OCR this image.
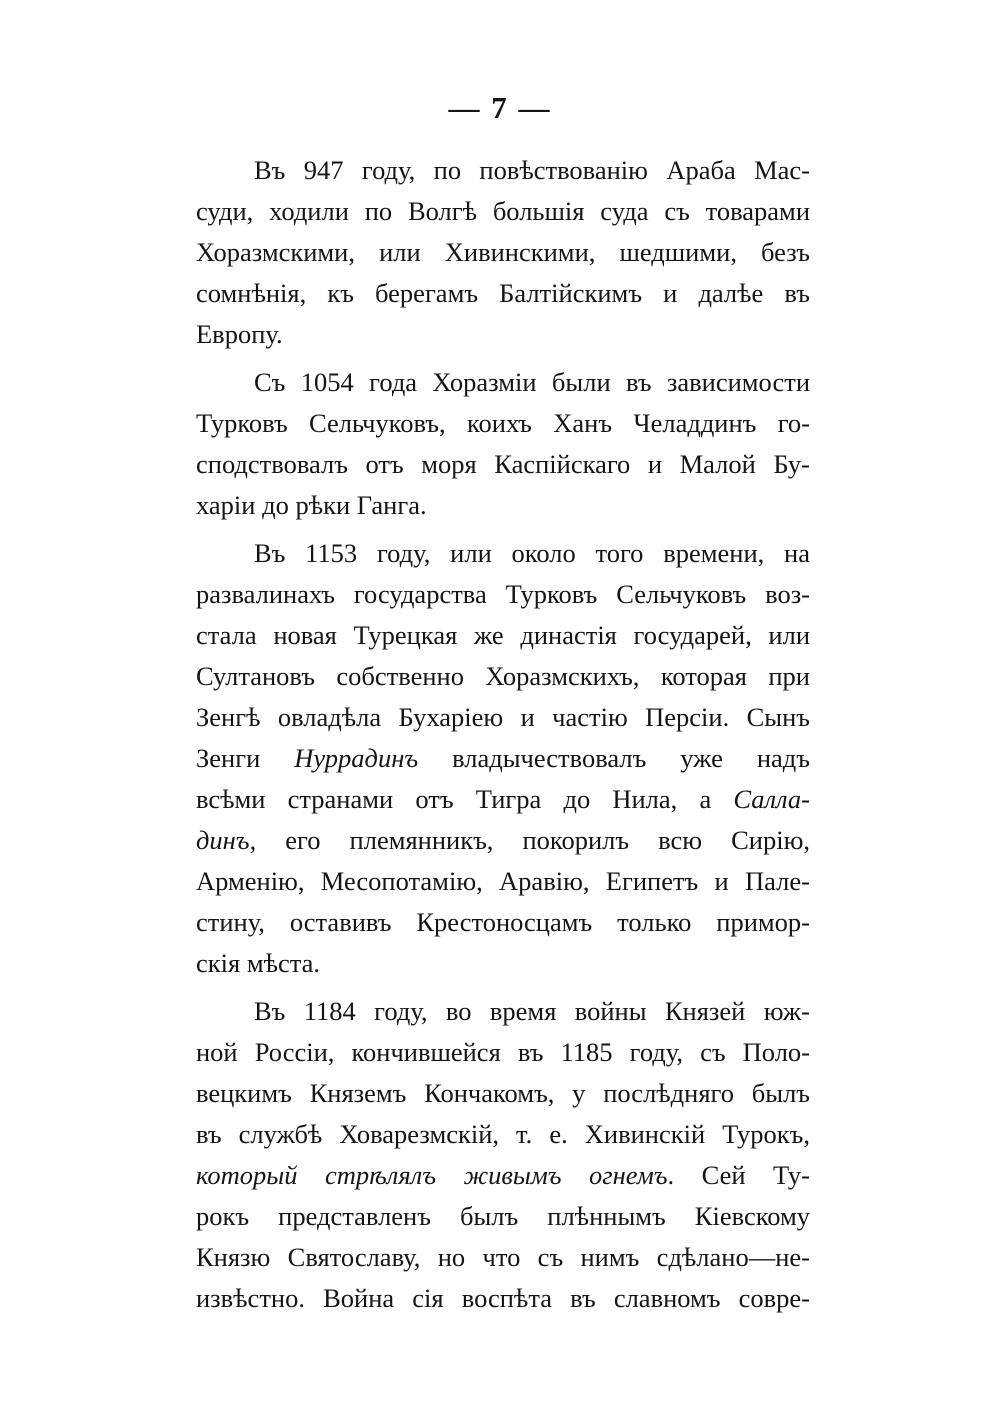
— 7 —
Въ 947 году, по повѣствованію Араба Мас-
суди, ходили по Волгѣ большія суда съ товарами
Хоразмскими, или Хивинскими, шедшими, безъ
сомнѣнія, къ берегамъ Балтійскимъ и далѣе въ
Европу.
Съ 1054 года Хоразміи были въ зависимости
Турковъ Сельчуковъ, коихъ Ханъ Челаддинъ го-
сподствовалъ отъ моря Каспійскаго и Малой Бу-
харіи до рѣки Ганга.
Въ 1153 году, или около того времени, на
развалинахъ государства Турковъ Сельчуковъ воз-
стала новая Турецкая же династія государей, или
Султановъ собственно Хоразмскихъ, которая при
Зенгѣ овладѣла Бухаріею и частію Персіи. Сынъ
Зенги Нуррадинъ владычествовалъ уже надъ
всѣми странами отъ Тигра до Нила, а Салла-
динъ, его племянникъ, покорилъ всю Сирію,
Арменію, Месопотамію, Аравію, Египетъ и Пале-
стину, оставивъ Крестоносцамъ только примор-
скія мѣста.
Въ 1184 году, во время войны Князей юж-
ной Россіи, кончившейся въ 1185 году, съ Поло-
вецкимъ Княземъ Кончакомъ, у послѣдняго былъ
въ службѣ Ховарезмскій, т. е. Хивинскій Турокъ,
который стрѣлялъ живымъ огнемъ. Сей Ту-
рокъ представленъ былъ плѣннымъ Кіевскому
Князю Святославу, но что съ нимъ сдѣлано—не-
извѣстно. Война сія воспѣта въ славномъ совре-
